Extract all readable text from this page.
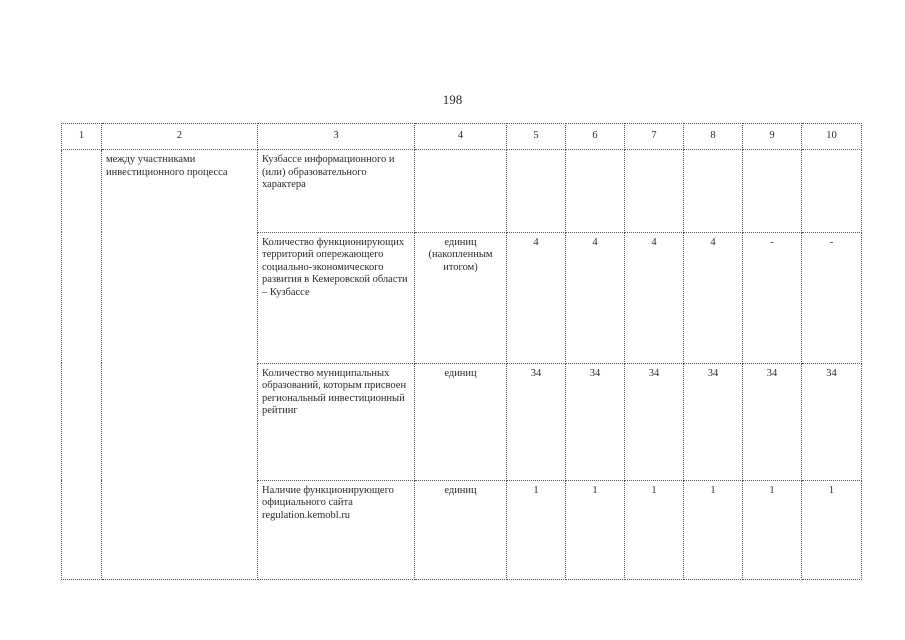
198
1	2	3	4	5	6	7	8	9	10
	между участниками инвестиционного процесса	Кузбассе информационного и (или) образовательного характера							
		Количество функционирующих территорий опережающего социально-экономического развития в Кемеровской области – Кузбассе	единиц (накопленным итогом)	4	4	4	4	-	-
		Количество муниципальных образований, которым присвоен региональный инвестиционный рейтинг	единиц	34	34	34	34	34	34
		Наличие функционирующего официального сайта regulation.kemobl.ru	единиц	1	1	1	1	1	1
